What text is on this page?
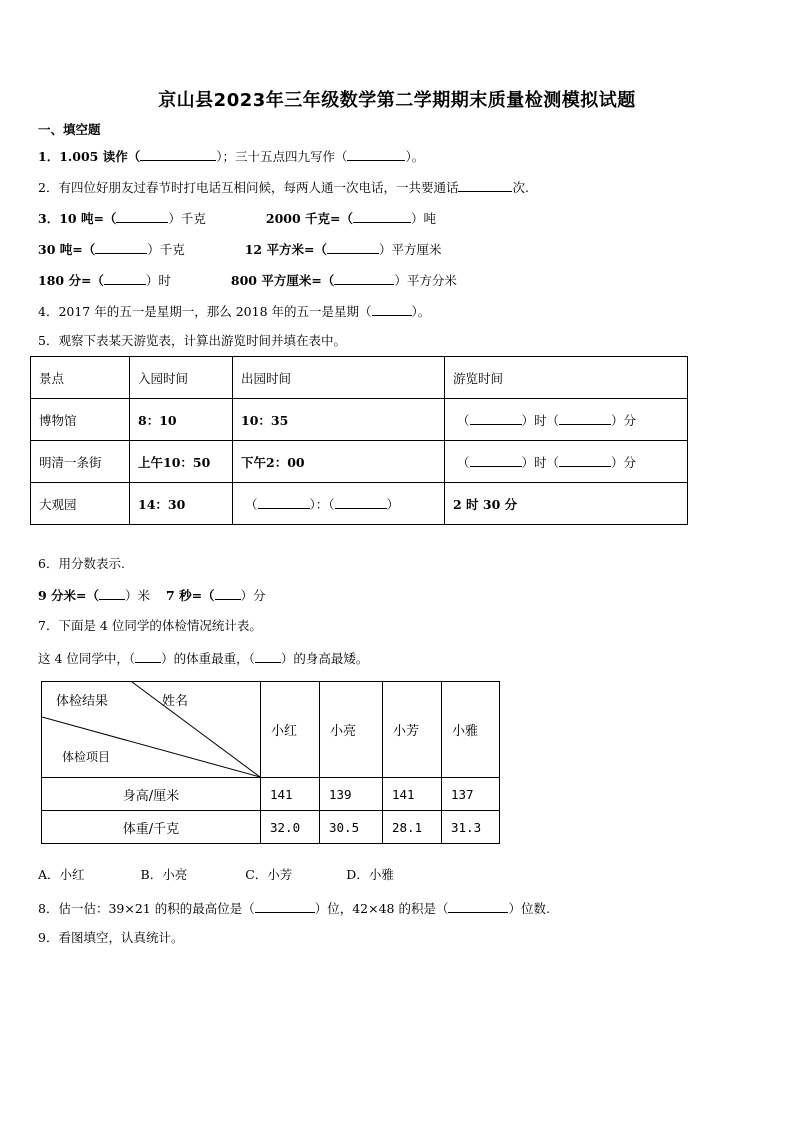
京山县2023年三年级数学第二学期期末质量检测模拟试题
一、填空题
1．1.005 读作（	）；三十五点四九写作（	）。
2．有四位好朋友过春节时打电话互相问候，每两人通一次电话，一共要通话	次.
3．10 吨=（	）千克	2000 千克=（	）吨
30 吨=（	）千克	12 平方米=（	）平方厘米
180 分=（	）时	800 平方厘米=（	）平方分米
4．2017 年的五一是星期一，那么 2018 年的五一是星期（	）。
5．观察下表某天游览表，计算出游览时间并填在表中。
景点	入园时间	出园时间	游览时间
博物馆	8：10	10：35	（ ）时（ ）分
明清一条街	上午10：50	下午2：00	（ ）时（ ）分
大观园	14：30	（ ）：（ ）	2 时 30 分
6．用分数表示.
9 分米=（ ）米 7 秒=（ ）分
7．下面是 4 位同学的体检情况统计表。
这 4 位同学中，（ ）的体重最重，（ ）的身高最矮。
体检结果 姓名
体检项目	小红	小亮	小芳	小雅
身高/厘米	141	139	141	137
体重/千克	32.0	30.5	28.1	31.3
A．小红	B．小亮	C．小芳	D．小雅
8．估一估：39×21 的积的最高位是（	）位，42×48 的积是（	）位数.
9．看图填空，认真统计。
